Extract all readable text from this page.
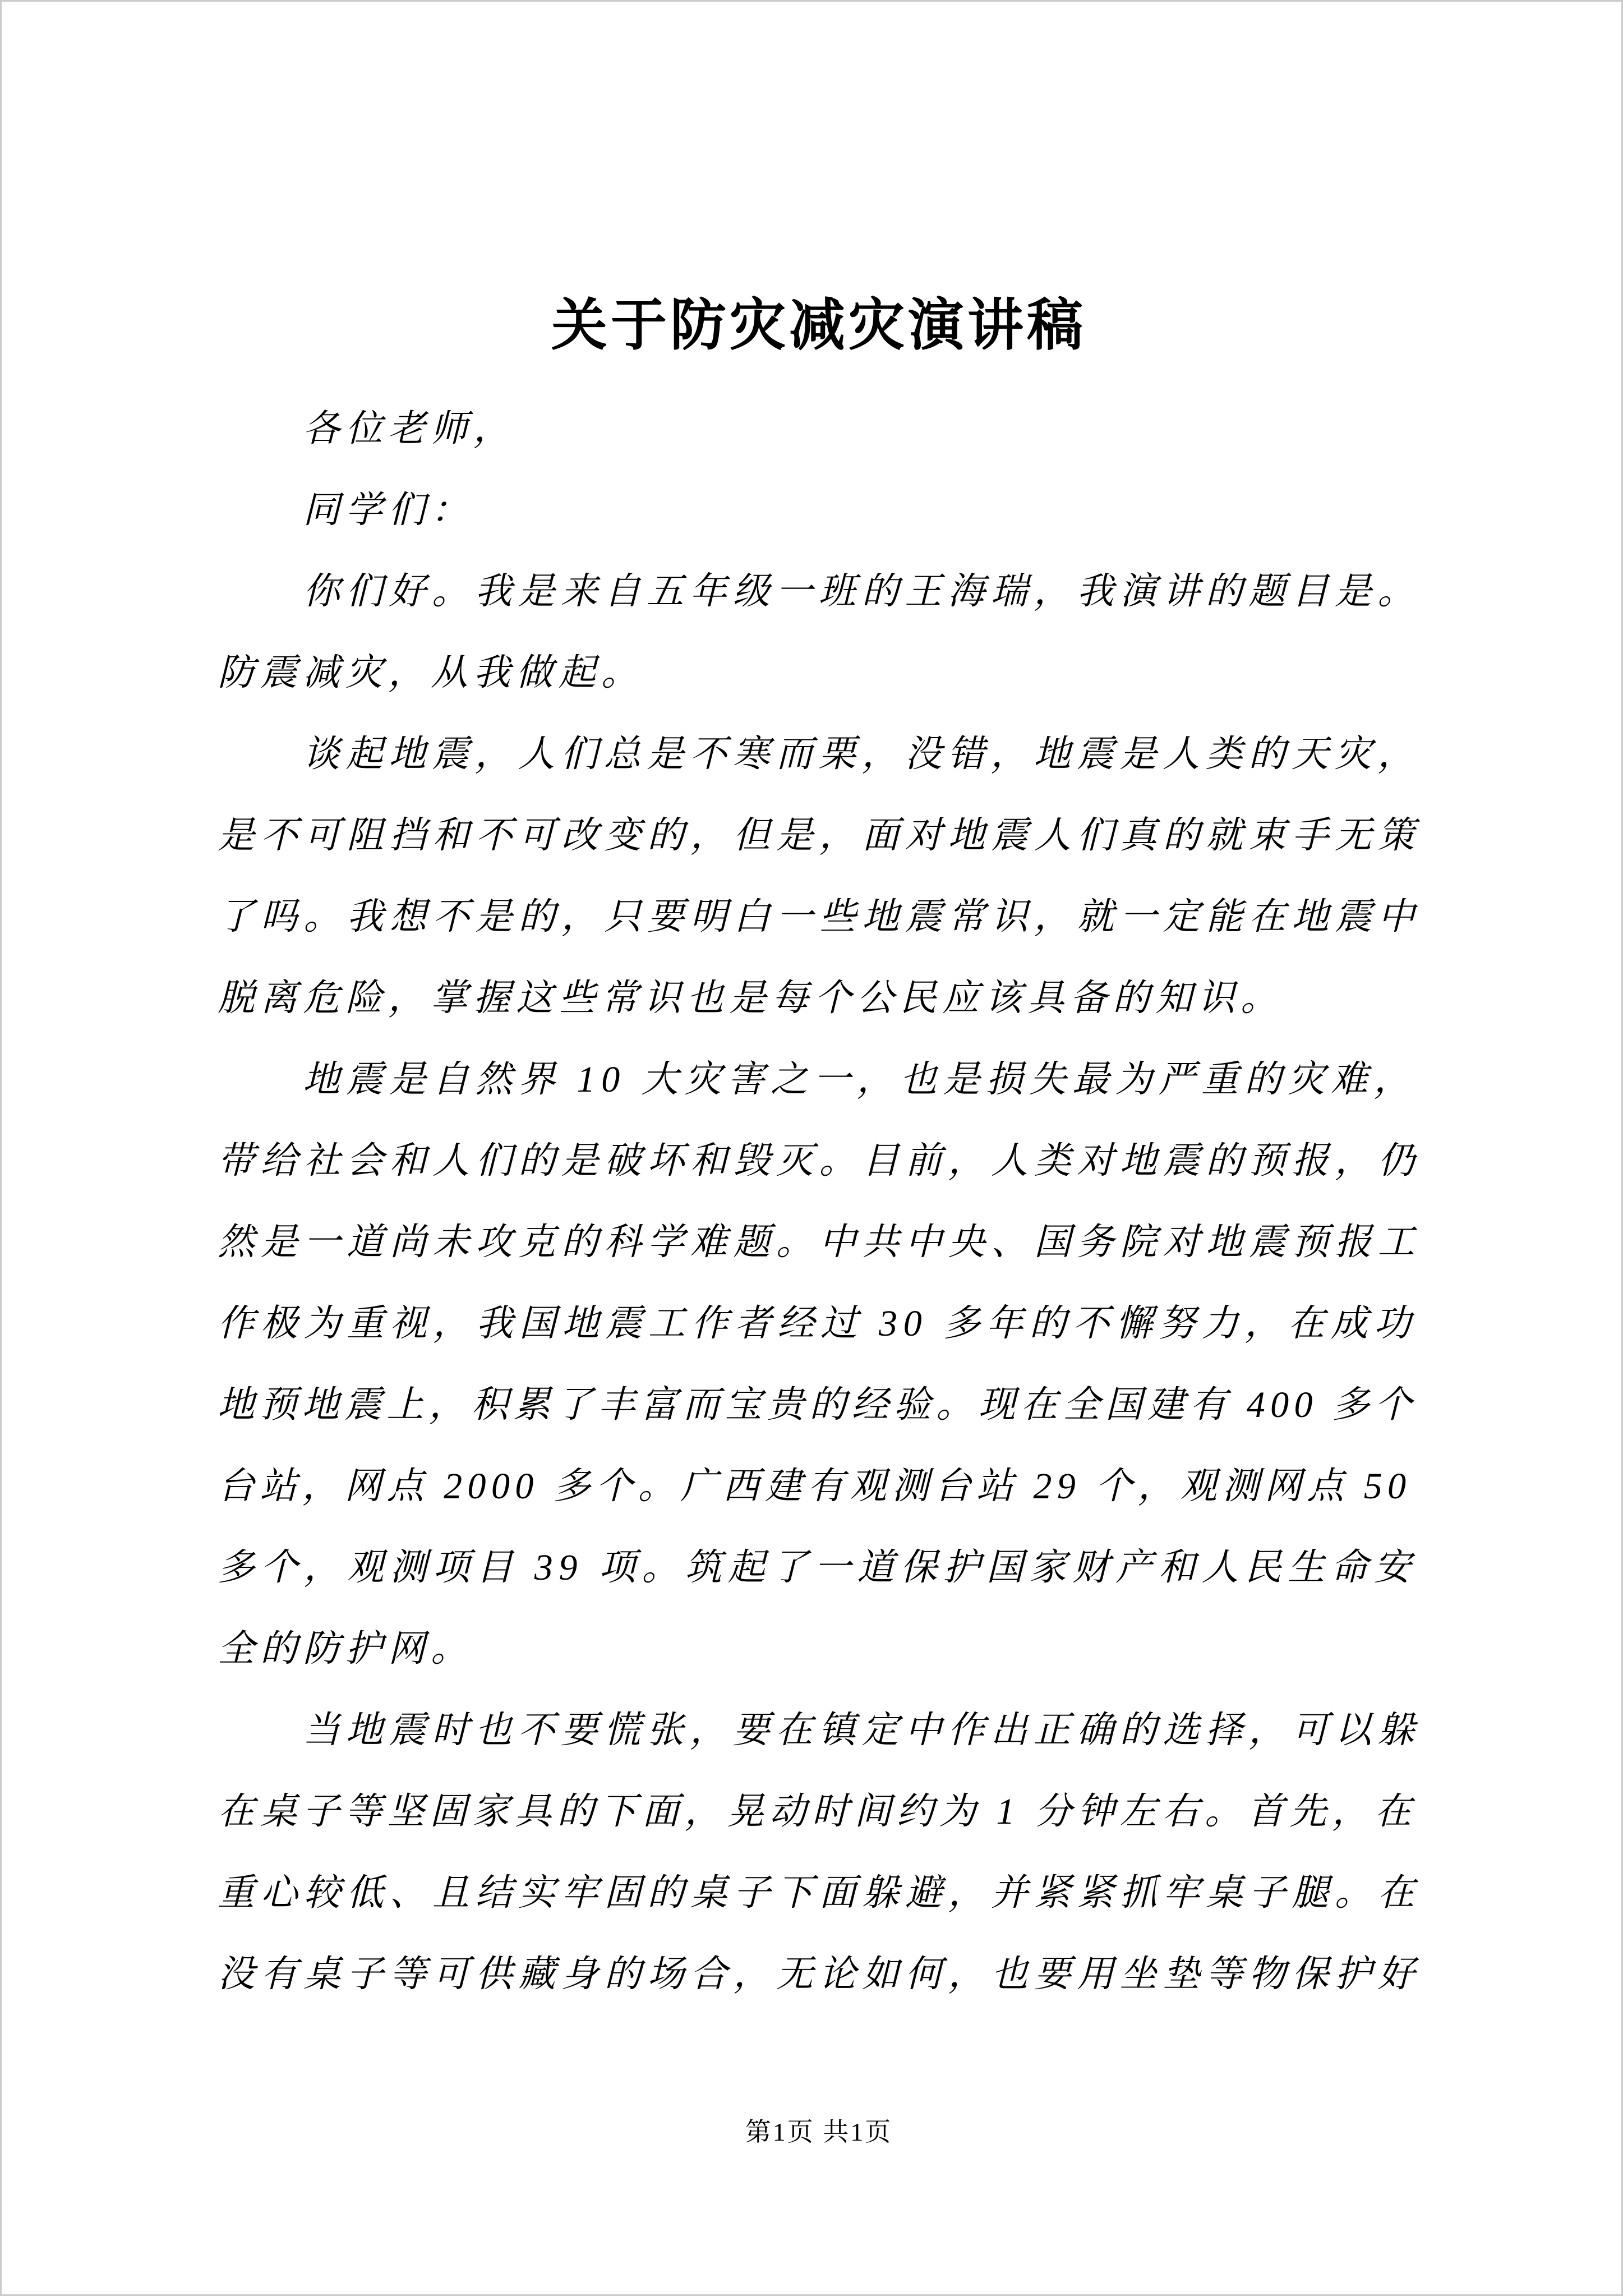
关于防灾减灾演讲稿
各位老师，
同学们：
你们好。我是来自五年级一班的王海瑞，我演讲的题目是。
防震减灾，从我做起。
谈起地震，人们总是不寒而栗，没错，地震是人类的天灾，
是不可阻挡和不可改变的，但是，面对地震人们真的就束手无策
了吗。我想不是的，只要明白一些地震常识，就一定能在地震中
脱离危险，掌握这些常识也是每个公民应该具备的知识。
地震是自然界 10 大灾害之一，也是损失最为严重的灾难，
带给社会和人们的是破坏和毁灭。目前，人类对地震的预报，仍
然是一道尚未攻克的科学难题。中共中央、国务院对地震预报工
作极为重视，我国地震工作者经过 30 多年的不懈努力，在成功
地预地震上，积累了丰富而宝贵的经验。现在全国建有 400 多个
台站，网点 2000 多个。广西建有观测台站 29 个，观测网点 50
多个，观测项目 39 项。筑起了一道保护国家财产和人民生命安
全的防护网。
当地震时也不要慌张，要在镇定中作出正确的选择，可以躲
在桌子等坚固家具的下面，晃动时间约为 1 分钟左右。首先，在
重心较低、且结实牢固的桌子下面躲避，并紧紧抓牢桌子腿。在
没有桌子等可供藏身的场合，无论如何，也要用坐垫等物保护好
第1页 共1页
